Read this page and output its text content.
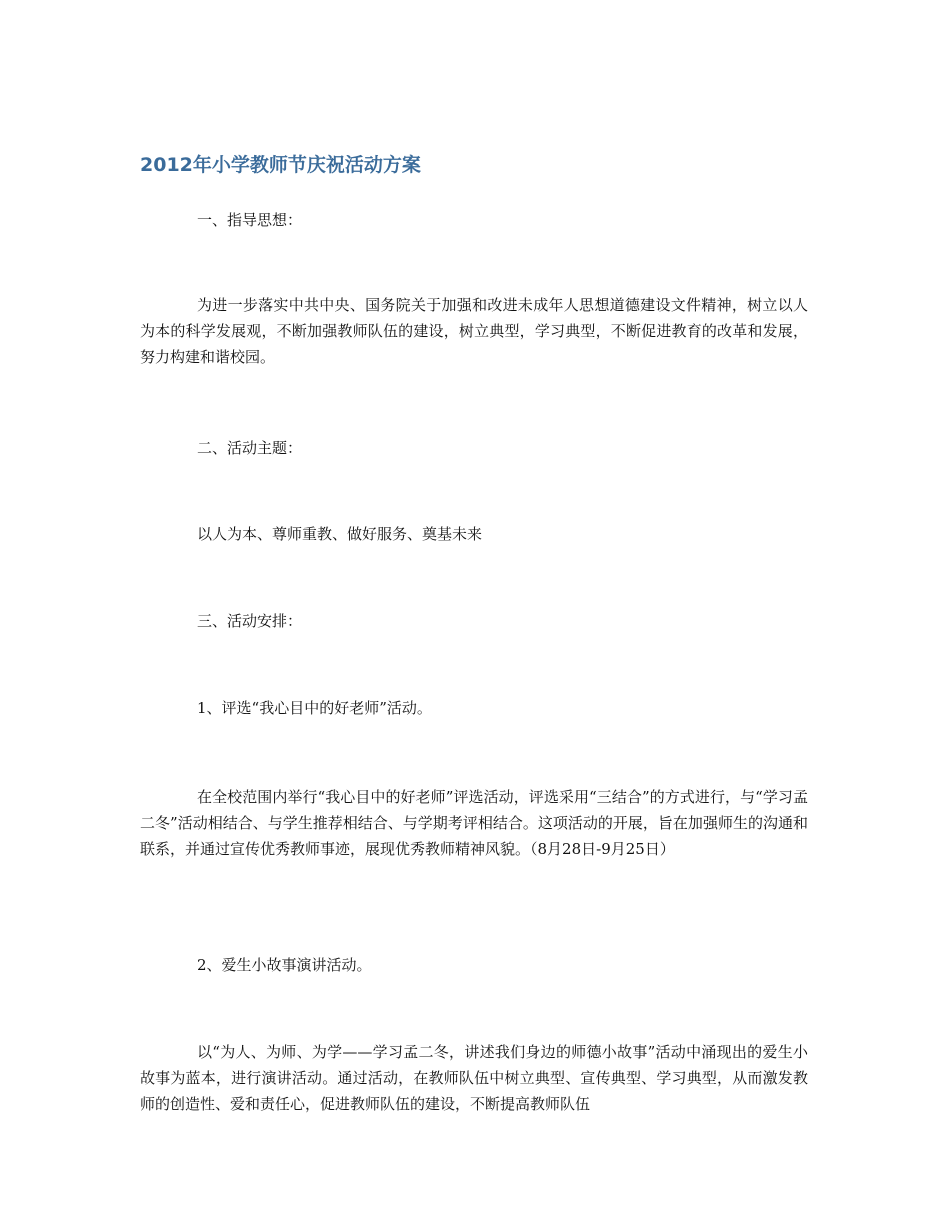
2012年小学教师节庆祝活动方案

一、指导思想：

为进一步落实中共中央、国务院关于加强和改进未成年人思想道德建设文件精神，树立以人为本的科学发展观，不断加强教师队伍的建设，树立典型，学习典型，不断促进教育的改革和发展，努力构建和谐校园。

二、活动主题：

以人为本、尊师重教、做好服务、奠基未来

三、活动安排：

1、评选“我心目中的好老师”活动。

在全校范围内举行“我心目中的好老师”评选活动，评选采用“三结合”的方式进行，与“学习孟二冬”活动相结合、与学生推荐相结合、与学期考评相结合。这项活动的开展，旨在加强师生的沟通和联系，并通过宣传优秀教师事迹，展现优秀教师精神风貌。（8月28日-9月25日）

2、爱生小故事演讲活动。

以“为人、为师、为学——学习孟二冬，讲述我们身边的师德小故事”活动中涌现出的爱生小故事为蓝本，进行演讲活动。通过活动，在教师队伍中树立典型、宣传典型、学习典型，从而激发教师的创造性、爱和责任心，促进教师队伍的建设，不断提高教师队伍
